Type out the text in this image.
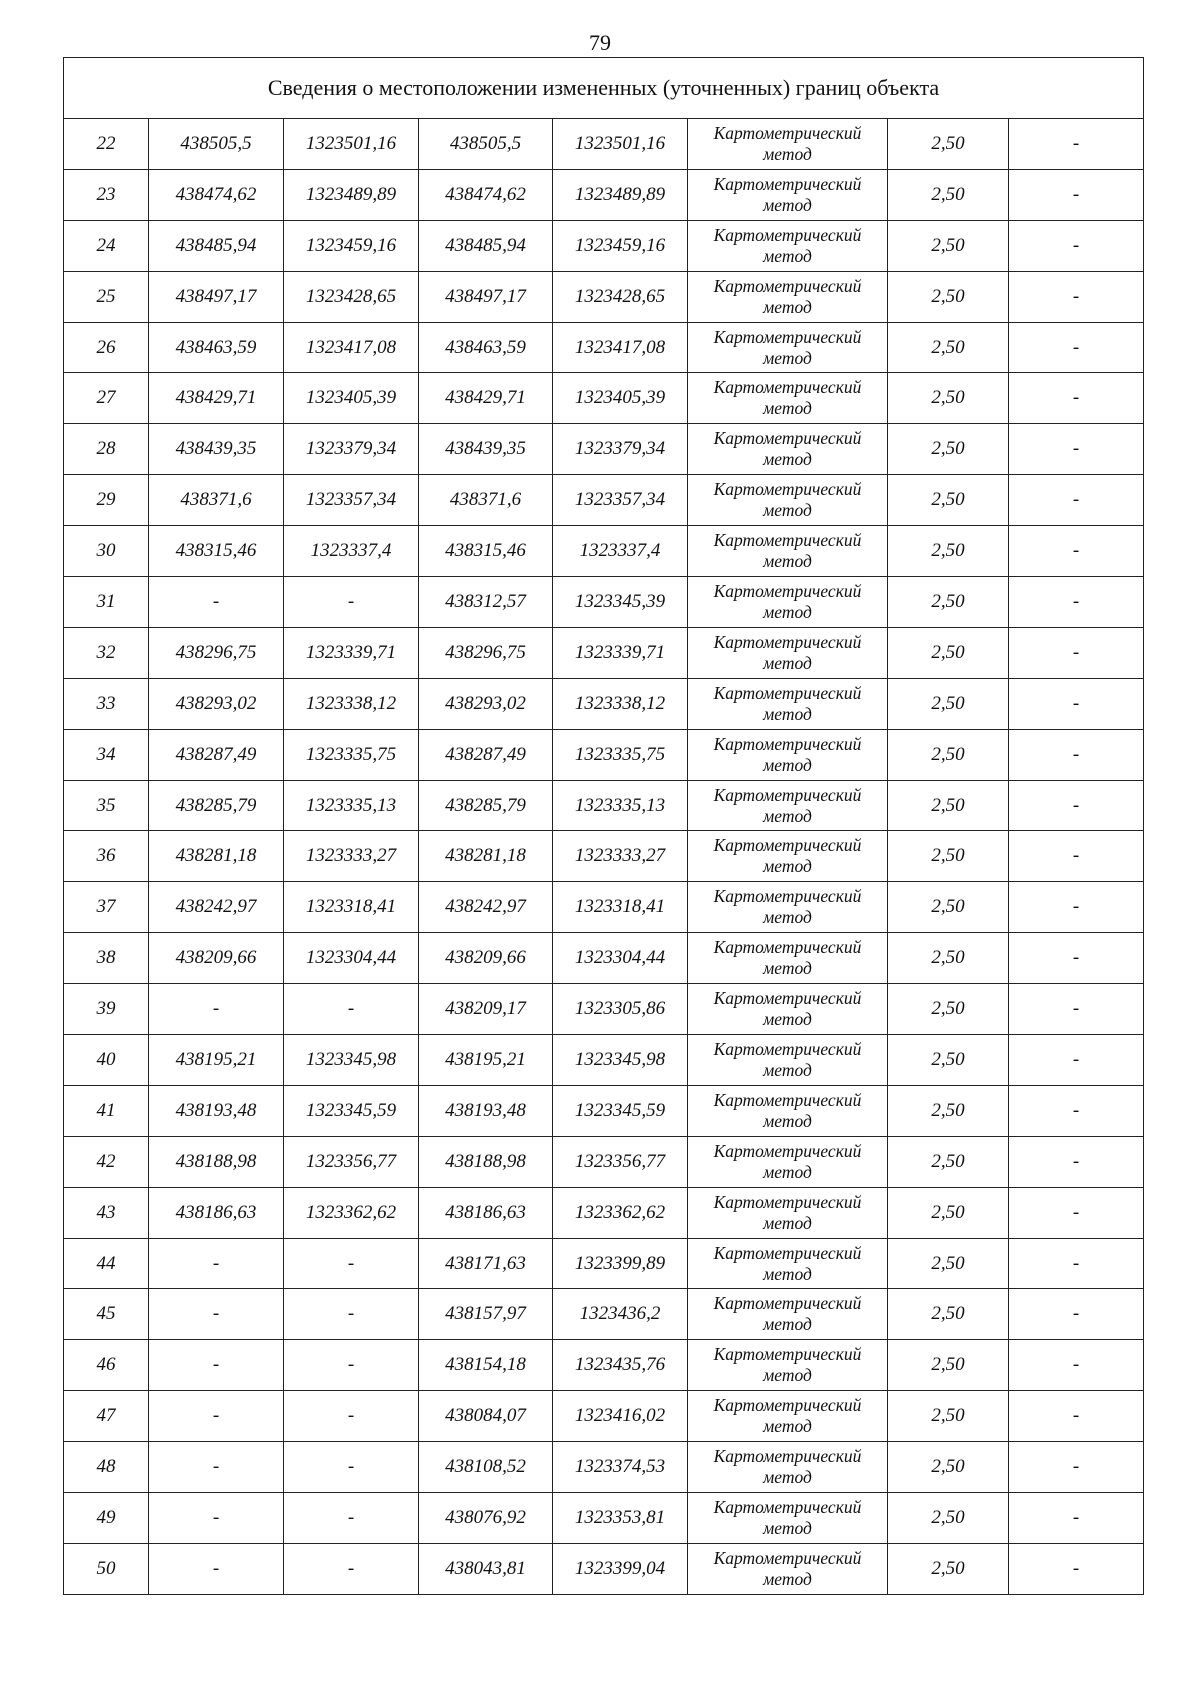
79
Сведения о местоположении измененных (уточненных) границ объекта							
22	438505,5	1323501,16	438505,5	1323501,16	Картометрический
метод	2,50	-
23	438474,62	1323489,89	438474,62	1323489,89	Картометрический
метод	2,50	-
24	438485,94	1323459,16	438485,94	1323459,16	Картометрический
метод	2,50	-
25	438497,17	1323428,65	438497,17	1323428,65	Картометрический
метод	2,50	-
26	438463,59	1323417,08	438463,59	1323417,08	Картометрический
метод	2,50	-
27	438429,71	1323405,39	438429,71	1323405,39	Картометрический
метод	2,50	-
28	438439,35	1323379,34	438439,35	1323379,34	Картометрический
метод	2,50	-
29	438371,6	1323357,34	438371,6	1323357,34	Картометрический
метод	2,50	-
30	438315,46	1323337,4	438315,46	1323337,4	Картометрический
метод	2,50	-
31	-	-	438312,57	1323345,39	Картометрический
метод	2,50	-
32	438296,75	1323339,71	438296,75	1323339,71	Картометрический
метод	2,50	-
33	438293,02	1323338,12	438293,02	1323338,12	Картометрический
метод	2,50	-
34	438287,49	1323335,75	438287,49	1323335,75	Картометрический
метод	2,50	-
35	438285,79	1323335,13	438285,79	1323335,13	Картометрический
метод	2,50	-
36	438281,18	1323333,27	438281,18	1323333,27	Картометрический
метод	2,50	-
37	438242,97	1323318,41	438242,97	1323318,41	Картометрический
метод	2,50	-
38	438209,66	1323304,44	438209,66	1323304,44	Картометрический
метод	2,50	-
39	-	-	438209,17	1323305,86	Картометрический
метод	2,50	-
40	438195,21	1323345,98	438195,21	1323345,98	Картометрический
метод	2,50	-
41	438193,48	1323345,59	438193,48	1323345,59	Картометрический
метод	2,50	-
42	438188,98	1323356,77	438188,98	1323356,77	Картометрический
метод	2,50	-
43	438186,63	1323362,62	438186,63	1323362,62	Картометрический
метод	2,50	-
44	-	-	438171,63	1323399,89	Картометрический
метод	2,50	-
45	-	-	438157,97	1323436,2	Картометрический
метод	2,50	-
46	-	-	438154,18	1323435,76	Картометрический
метод	2,50	-
47	-	-	438084,07	1323416,02	Картометрический
метод	2,50	-
48	-	-	438108,52	1323374,53	Картометрический
метод	2,50	-
49	-	-	438076,92	1323353,81	Картометрический
метод	2,50	-
50	-	-	438043,81	1323399,04	Картометрический
метод	2,50	-
